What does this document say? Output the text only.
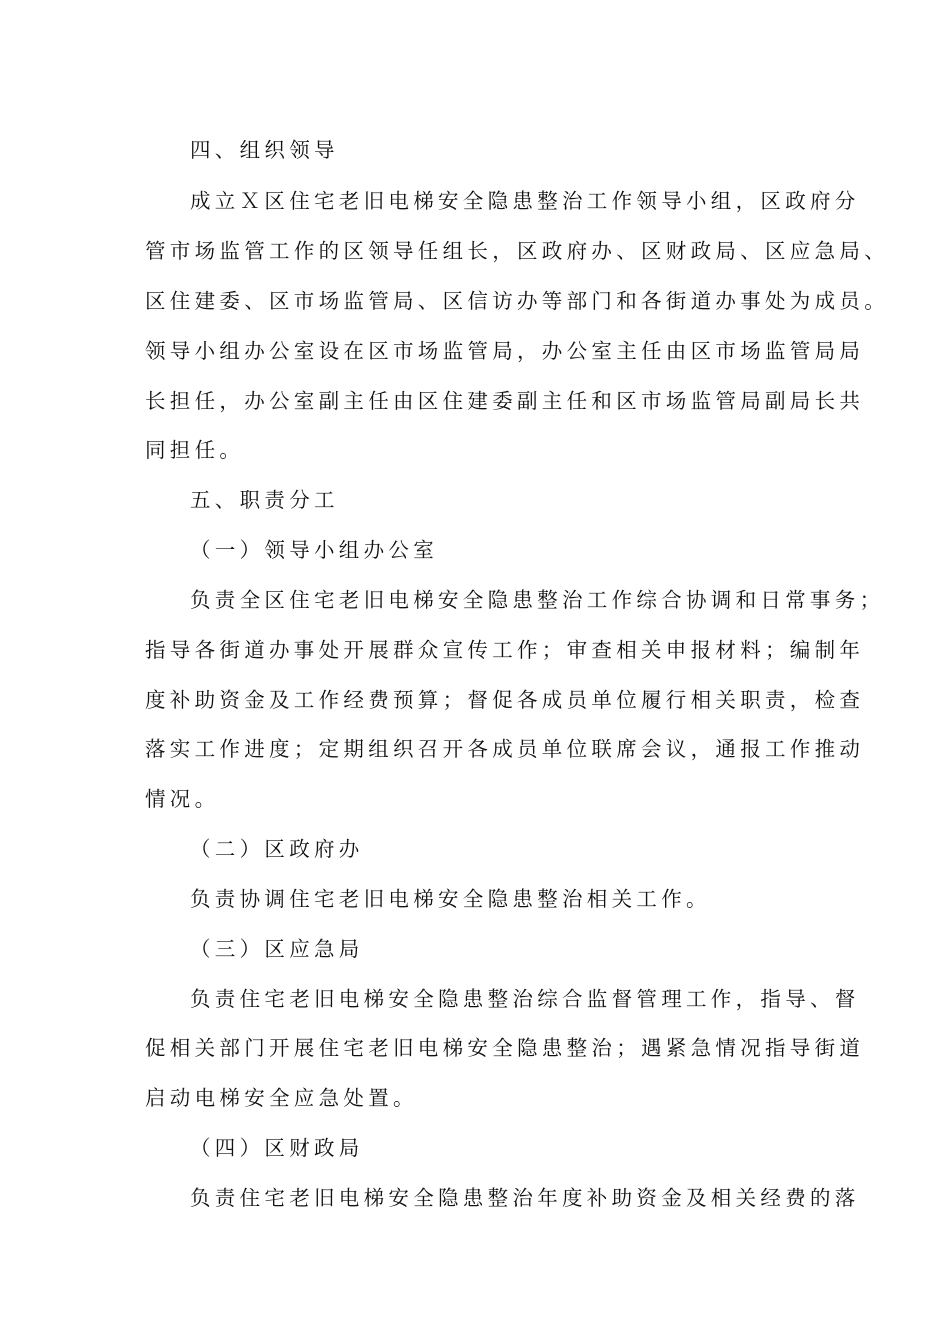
四、组织领导
成立Ｘ区住宅老旧电梯安全隐患整治工作领导小组，区政府分
管市场监管工作的区领导任组长，区政府办、区财政局、区应急局、
区住建委、区市场监管局、区信访办等部门和各街道办事处为成员。
领导小组办公室设在区市场监管局，办公室主任由区市场监管局局
长担任，办公室副主任由区住建委副主任和区市场监管局副局长共
同担任。
五、职责分工
（一）领导小组办公室
负责全区住宅老旧电梯安全隐患整治工作综合协调和日常事务；
指导各街道办事处开展群众宣传工作；审查相关申报材料；编制年
度补助资金及工作经费预算；督促各成员单位履行相关职责，检查
落实工作进度；定期组织召开各成员单位联席会议，通报工作推动
情况。
（二）区政府办
负责协调住宅老旧电梯安全隐患整治相关工作。
（三）区应急局
负责住宅老旧电梯安全隐患整治综合监督管理工作，指导、督
促相关部门开展住宅老旧电梯安全隐患整治；遇紧急情况指导街道
启动电梯安全应急处置。
（四）区财政局
负责住宅老旧电梯安全隐患整治年度补助资金及相关经费的落
